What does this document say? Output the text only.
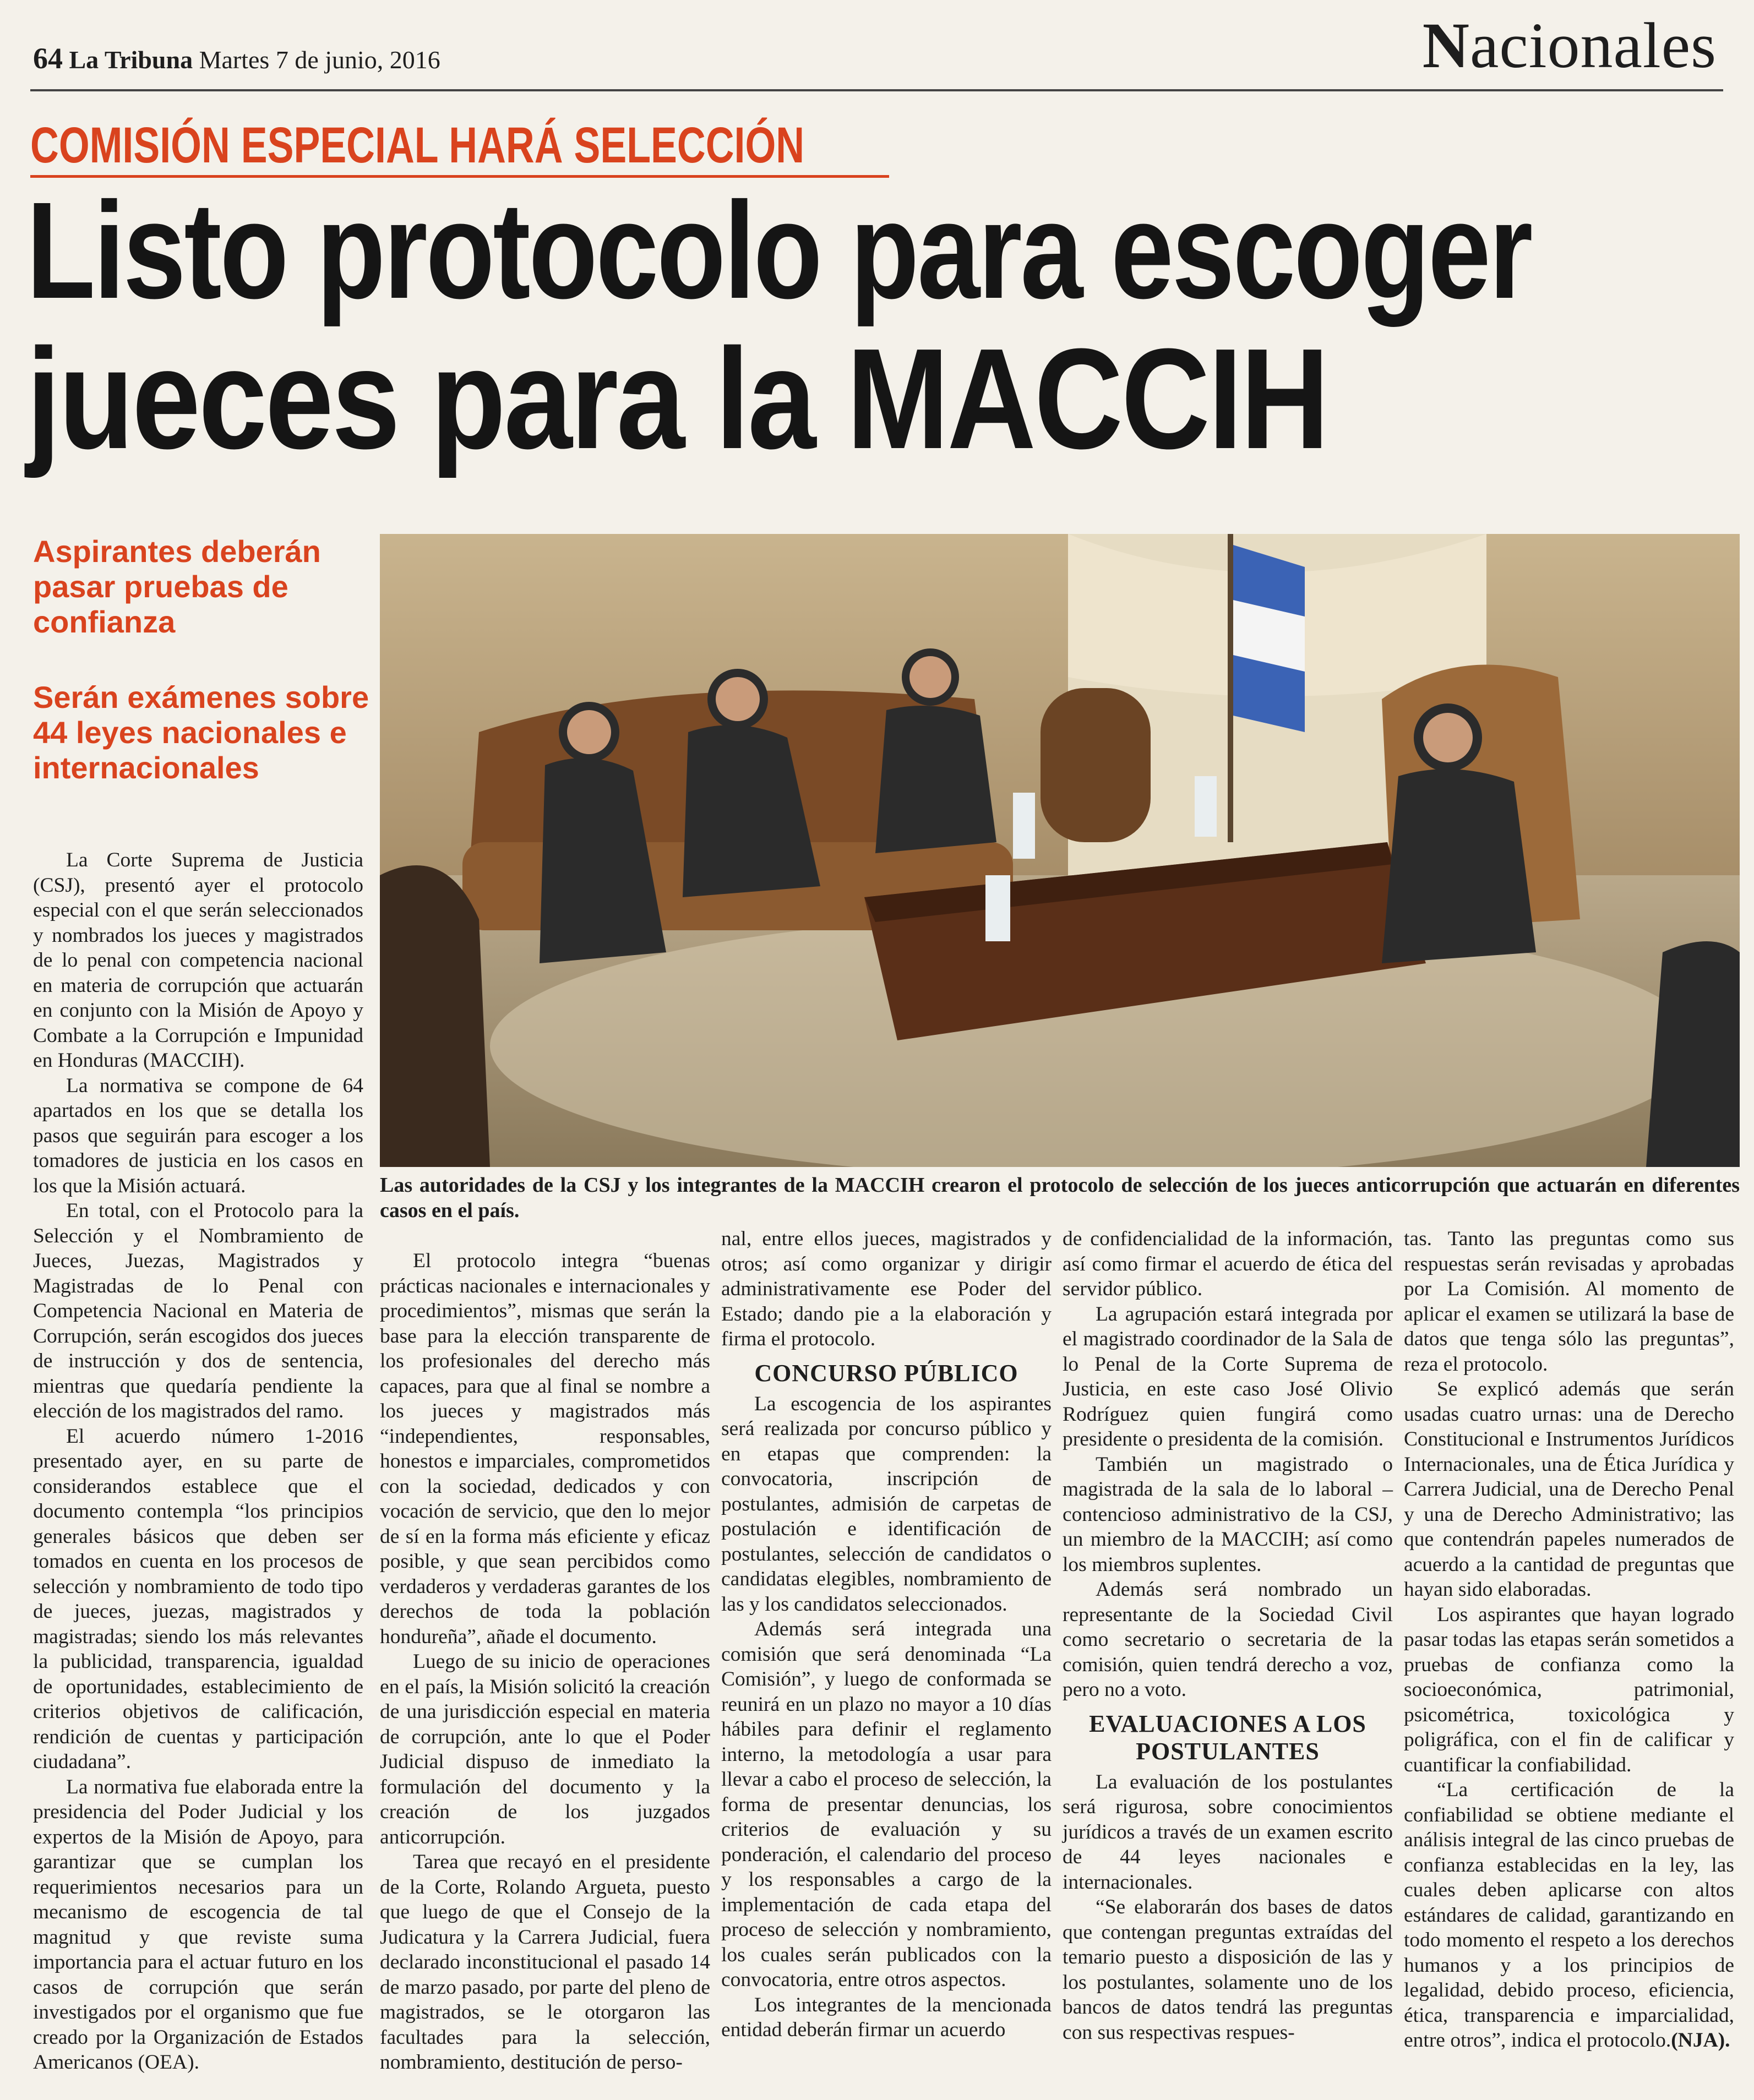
64 La Tribuna Martes 7 de junio, 2016	Nacionales
COMISIÓN ESPECIAL HARÁ SELECCIÓN
Listo protocolo para escoger
jueces para la MACCIH
Aspirantes deberán pasar pruebas de confianza
Serán exámenes sobre 44 leyes nacionales e internacionales
Las autoridades de la CSJ y los integrantes de la MACCIH crearon el protocolo de selección de los jueces anticorrupción que actuarán en diferentes casos en el país.

La Corte Suprema de Justicia (CSJ), presentó ayer el protocolo especial con el que serán seleccionados y nombrados los jueces y magistrados de lo penal con competencia nacional en materia de corrupción que actuarán en conjunto con la Misión de Apoyo y Combate a la Corrupción e Impunidad en Honduras (MACCIH).

La normativa se compone de 64 apartados en los que se detalla los pasos que seguirán para escoger a los tomadores de justicia en los casos en los que la Misión actuará.

En total, con el Protocolo para la Selección y el Nombramiento de Jueces, Juezas, Magistrados y Magistradas de lo Penal con Competencia Nacional en Materia de Corrupción, serán escogidos dos jueces de instrucción y dos de sentencia, mientras que quedaría pendiente la elección de los magistrados del ramo.

El acuerdo número 1-2016 presentado ayer, en su parte de considerandos establece que el documento contempla “los principios generales básicos que deben ser tomados en cuenta en los procesos de selección y nombramiento de todo tipo de jueces, juezas, magistrados y magistradas; siendo los más relevantes la publicidad, transparencia, igualdad de oportunidades, establecimiento de criterios objetivos de calificación, rendición de cuentas y participación ciudadana”.

La normativa fue elaborada entre la presidencia del Poder Judicial y los expertos de la Misión de Apoyo, para garantizar que se cumplan los requerimientos necesarios para un mecanismo de escogencia de tal magnitud y que reviste suma importancia para el actuar futuro en los casos de corrupción que serán investigados por el organismo que fue creado por la Organización de Estados Americanos (OEA).

El protocolo integra “buenas prácticas nacionales e internacionales y procedimientos”, mismas que serán la base para la elección transparente de los profesionales del derecho más capaces, para que al final se nombre a los jueces y magistrados más “independientes, responsables, honestos e imparciales, comprometidos con la sociedad, dedicados y con vocación de servicio, que den lo mejor de sí en la forma más eficiente y eficaz posible, y que sean percibidos como verdaderos y verdaderas garantes de los derechos de toda la población hondureña”, añade el documento.

Luego de su inicio de operaciones en el país, la Misión solicitó la creación de una jurisdicción especial en materia de corrupción, ante lo que el Poder Judicial dispuso de inmediato la formulación del documento y la creación de los juzgados anticorrupción.

Tarea que recayó en el presidente de la Corte, Rolando Argueta, puesto que luego de que el Consejo de la Judicatura y la Carrera Judicial, fuera declarado inconstitucional el pasado 14 de marzo pasado, por parte del pleno de magistrados, se le otorgaron las facultades para la selección, nombramiento, destitución de perso-

nal, entre ellos jueces, magistrados y otros; así como organizar y dirigir administrativamente ese Poder del Estado; dando pie a la elaboración y firma el protocolo.

CONCURSO PÚBLICO

La escogencia de los aspirantes será realizada por concurso público y en etapas que comprenden: la convocatoria, inscripción de postulantes, admisión de carpetas de postulación e identificación de postulantes, selección de candidatos o candidatas elegibles, nombramiento de las y los candidatos seleccionados.

Además será integrada una comisión que será denominada “La Comisión”, y luego de conformada se reunirá en un plazo no mayor a 10 días hábiles para definir el reglamento interno, la metodología a usar para llevar a cabo el proceso de selección, la forma de presentar denuncias, los criterios de evaluación y su ponderación, el calendario del proceso y los responsables a cargo de la implementación de cada etapa del proceso de selección y nombramiento, los cuales serán publicados con la convocatoria, entre otros aspectos.

Los integrantes de la mencionada entidad deberán firmar un acuerdo

de confidencialidad de la información, así como firmar el acuerdo de ética del servidor público.

La agrupación estará integrada por el magistrado coordinador de la Sala de lo Penal de la Corte Suprema de Justicia, en este caso José Olivio Rodríguez quien fungirá como presidente o presidenta de la comisión.

También un magistrado o magistrada de la sala de lo laboral – contencioso administrativo de la CSJ, un miembro de la MACCIH; así como los miembros suplentes.

Además será nombrado un representante de la Sociedad Civil como secretario o secretaria de la comisión, quien tendrá derecho a voz, pero no a voto.

EVALUACIONES A LOS POSTULANTES

La evaluación de los postulantes será rigurosa, sobre conocimientos jurídicos a través de un examen escrito de 44 leyes nacionales e internacionales.

“Se elaborarán dos bases de datos que contengan preguntas extraídas del temario puesto a disposición de las y los postulantes, solamente uno de los bancos de datos tendrá las preguntas con sus respectivas respues-

tas. Tanto las preguntas como sus respuestas serán revisadas y aprobadas por La Comisión. Al momento de aplicar el examen se utilizará la base de datos que tenga sólo las preguntas”, reza el protocolo.

Se explicó además que serán usadas cuatro urnas: una de Derecho Constitucional e Instrumentos Jurídicos Internacionales, una de Ética Jurídica y Carrera Judicial, una de Derecho Penal y una de Derecho Administrativo; las que contendrán papeles numerados de acuerdo a la cantidad de preguntas que hayan sido elaboradas.

Los aspirantes que hayan logrado pasar todas las etapas serán sometidos a pruebas de confianza como la socioeconómica, patrimonial, psicométrica, toxicológica y poligráfica, con el fin de calificar y cuantificar la confiabilidad.

“La certificación de la confiabilidad se obtiene mediante el análisis integral de las cinco pruebas de confianza establecidas en la ley, las cuales deben aplicarse con altos estándares de calidad, garantizando en todo momento el respeto a los derechos humanos y a los principios de legalidad, debido proceso, eficiencia, ética, transparencia e imparcialidad, entre otros”, indica el protocolo.(NJA).
